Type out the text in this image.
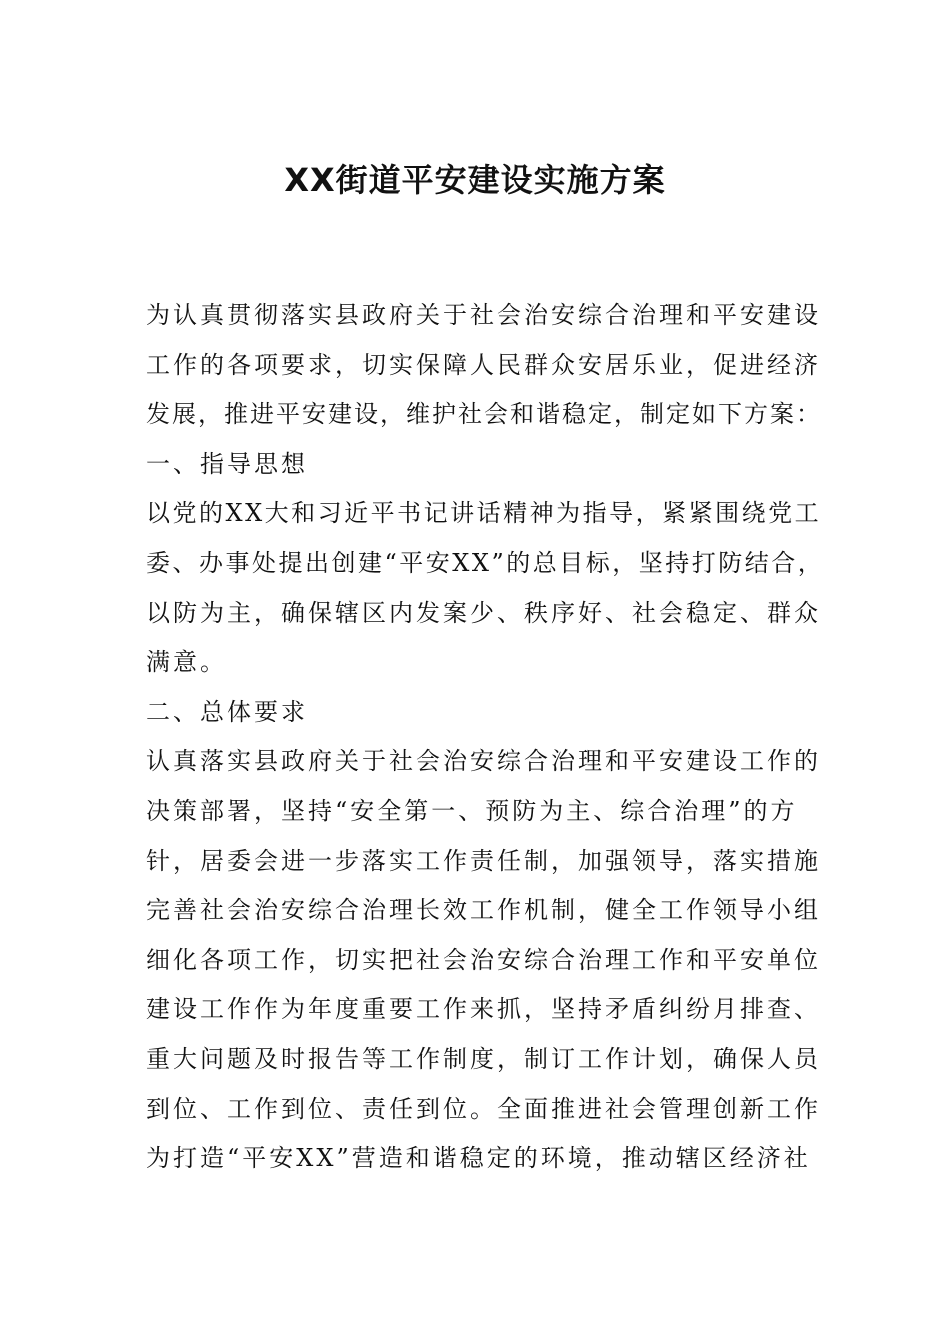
XX街道平安建设实施方案
为认真贯彻落实县政府关于社会治安综合治理和平安建设
工作的各项要求，切实保障人民群众安居乐业，促进经济
发展，推进平安建设，维护社会和谐稳定，制定如下方案：
一、指导思想
以党的XX大和习近平书记讲话精神为指导，紧紧围绕党工
委、办事处提出创建“平安XX”的总目标，坚持打防结合，
以防为主，确保辖区内发案少、秩序好、社会稳定、群众
满意。
二、总体要求
认真落实县政府关于社会治安综合治理和平安建设工作的
决策部署，坚持“安全第一、预防为主、综合治理”的方
针，居委会进一步落实工作责任制，加强领导，落实措施
完善社会治安综合治理长效工作机制，健全工作领导小组
细化各项工作，切实把社会治安综合治理工作和平安单位
建设工作作为年度重要工作来抓，坚持矛盾纠纷月排查、
重大问题及时报告等工作制度，制订工作计划，确保人员
到位、工作到位、责任到位。全面推进社会管理创新工作
为打造“平安XX”营造和谐稳定的环境，推动辖区经济社
